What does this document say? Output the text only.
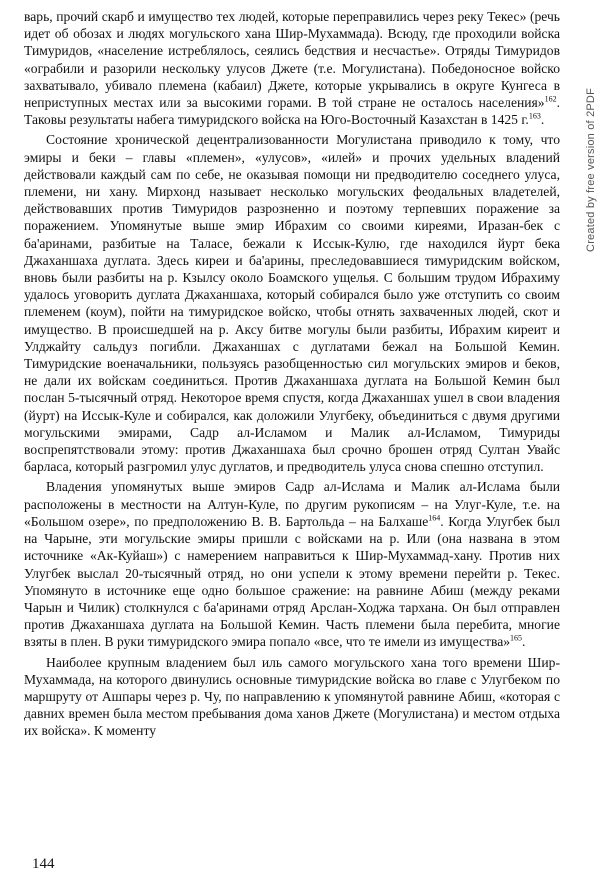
варь, прочий скарб и имущество тех людей, которые переправились через реку Текес» (речь идет об обозах и людях могульского хана Шир-Мухаммада). Всюду, где проходили войска Тимуридов, «население истреблялось, сеялись бедствия и несчастье». Отряды Тимуридов «ограбили и разорили нескольку улусов Джете (т.е. Могулистана). Победоносное войско захватывало, убивало племена (кабаил) Джете, которые укрывались в округе Кунгеса в неприступных местах или за высокими горами. В той стране не осталось населения»$^{162}$. Таковы результаты набега тимуридского войска на Юго-Восточный Казахстан в 1425 г.$^{163}$.

Состояние хронической децентрализованности Могулистана приводило к тому, что эмиры и беки – главы «племен», «улусов», «илей» и прочих удельных владений действовали каждый сам по себе, не оказывая помощи ни предводителю соседнего улуса, племени, ни хану. Мирхонд называет несколько могульских феодальных владетелей, действовавших против Тимуридов разрозненно и поэтому терпевших поражение за поражением. Упомянутые выше эмир Ибрахим со своими киреями, Иразан-бек с ба'аринами, разбитые на Таласе, бежали к Иссык-Кулю, где находился йурт бека Джаханшаха дуглата. Здесь киреи и ба'арины, преследовавшиеся тимуридским войском, вновь были разбиты на р. Кзылсу около Боамского ущелья. С большим трудом Ибрахиму удалось уговорить дуглата Джаханшаха, который собирался было уже отступить со своим племенем (коум), пойти на тимуридское войско, чтобы отнять захваченных людей, скот и имущество. В происшедшей на р. Аксу битве могулы были разбиты, Ибрахим киреит и Улджайту сальдуз погибли. Джаханшах с дуглатами бежал на Большой Кемин. Тимуридские военачальники, пользуясь разобщенностью сил могульских эмиров и беков, не дали их войскам соединиться. Против Джаханшаха дуглата на Большой Кемин был послан 5-тысячный отряд. Некоторое время спустя, когда Джаханшах ушел в свои владения (йурт) на Иссык-Куле и собирался, как доложили Улугбеку, объединиться с двумя другими могульскими эмирами, Садр ал-Исламом и Малик ал-Исламом, Тимуриды воспрепятствовали этому: против Джаханшаха был срочно брошен отряд Султан Увайс барласа, который разгромил улус дуглатов, и предводитель улуса снова спешно отступил.

Владения упомянутых выше эмиров Садр ал-Ислама и Малик ал-Ислама были расположены в местности на Алтун-Куле, по другим рукописям – на Улуг-Куле, т.е. на «Большом озере», по предположению В. В. Бартольда – на Балхаше$^{164}$. Когда Улугбек был на Чарыне, эти могульские эмиры пришли с войсками на р. Или (она названа в этом источнике «Ак-Куйаш») с намерением направиться к Шир-Мухаммад-хану. Против них Улугбек выслал 20-тысячный отряд, но они успели к этому времени перейти р. Текес. Упомянуто в источнике еще одно большое сражение: на равнине Абиш (между реками Чарын и Чилик) столкнулся с ба'аринами отряд Арслан-Ходжа тархана. Он был отправлен против Джаханшаха дуглата на Большой Кемин. Часть племени была перебита, многие взяты в плен. В руки тимуридского эмира попало «все, что те имели из имущества»$^{165}$.

Наиболее крупным владением был иль самого могульского хана того времени Шир-Мухаммада, на которого двинулись основные тимуридские войска во главе с Улугбеком по маршруту от Ашпары через р. Чу, по направлению к упомянутой равнине Абиш, «которая с давних времен была местом пребывания дома ханов Джете (Могулистана) и местом отдыха их войска». К моменту

Created by free version of 2PDF
144
